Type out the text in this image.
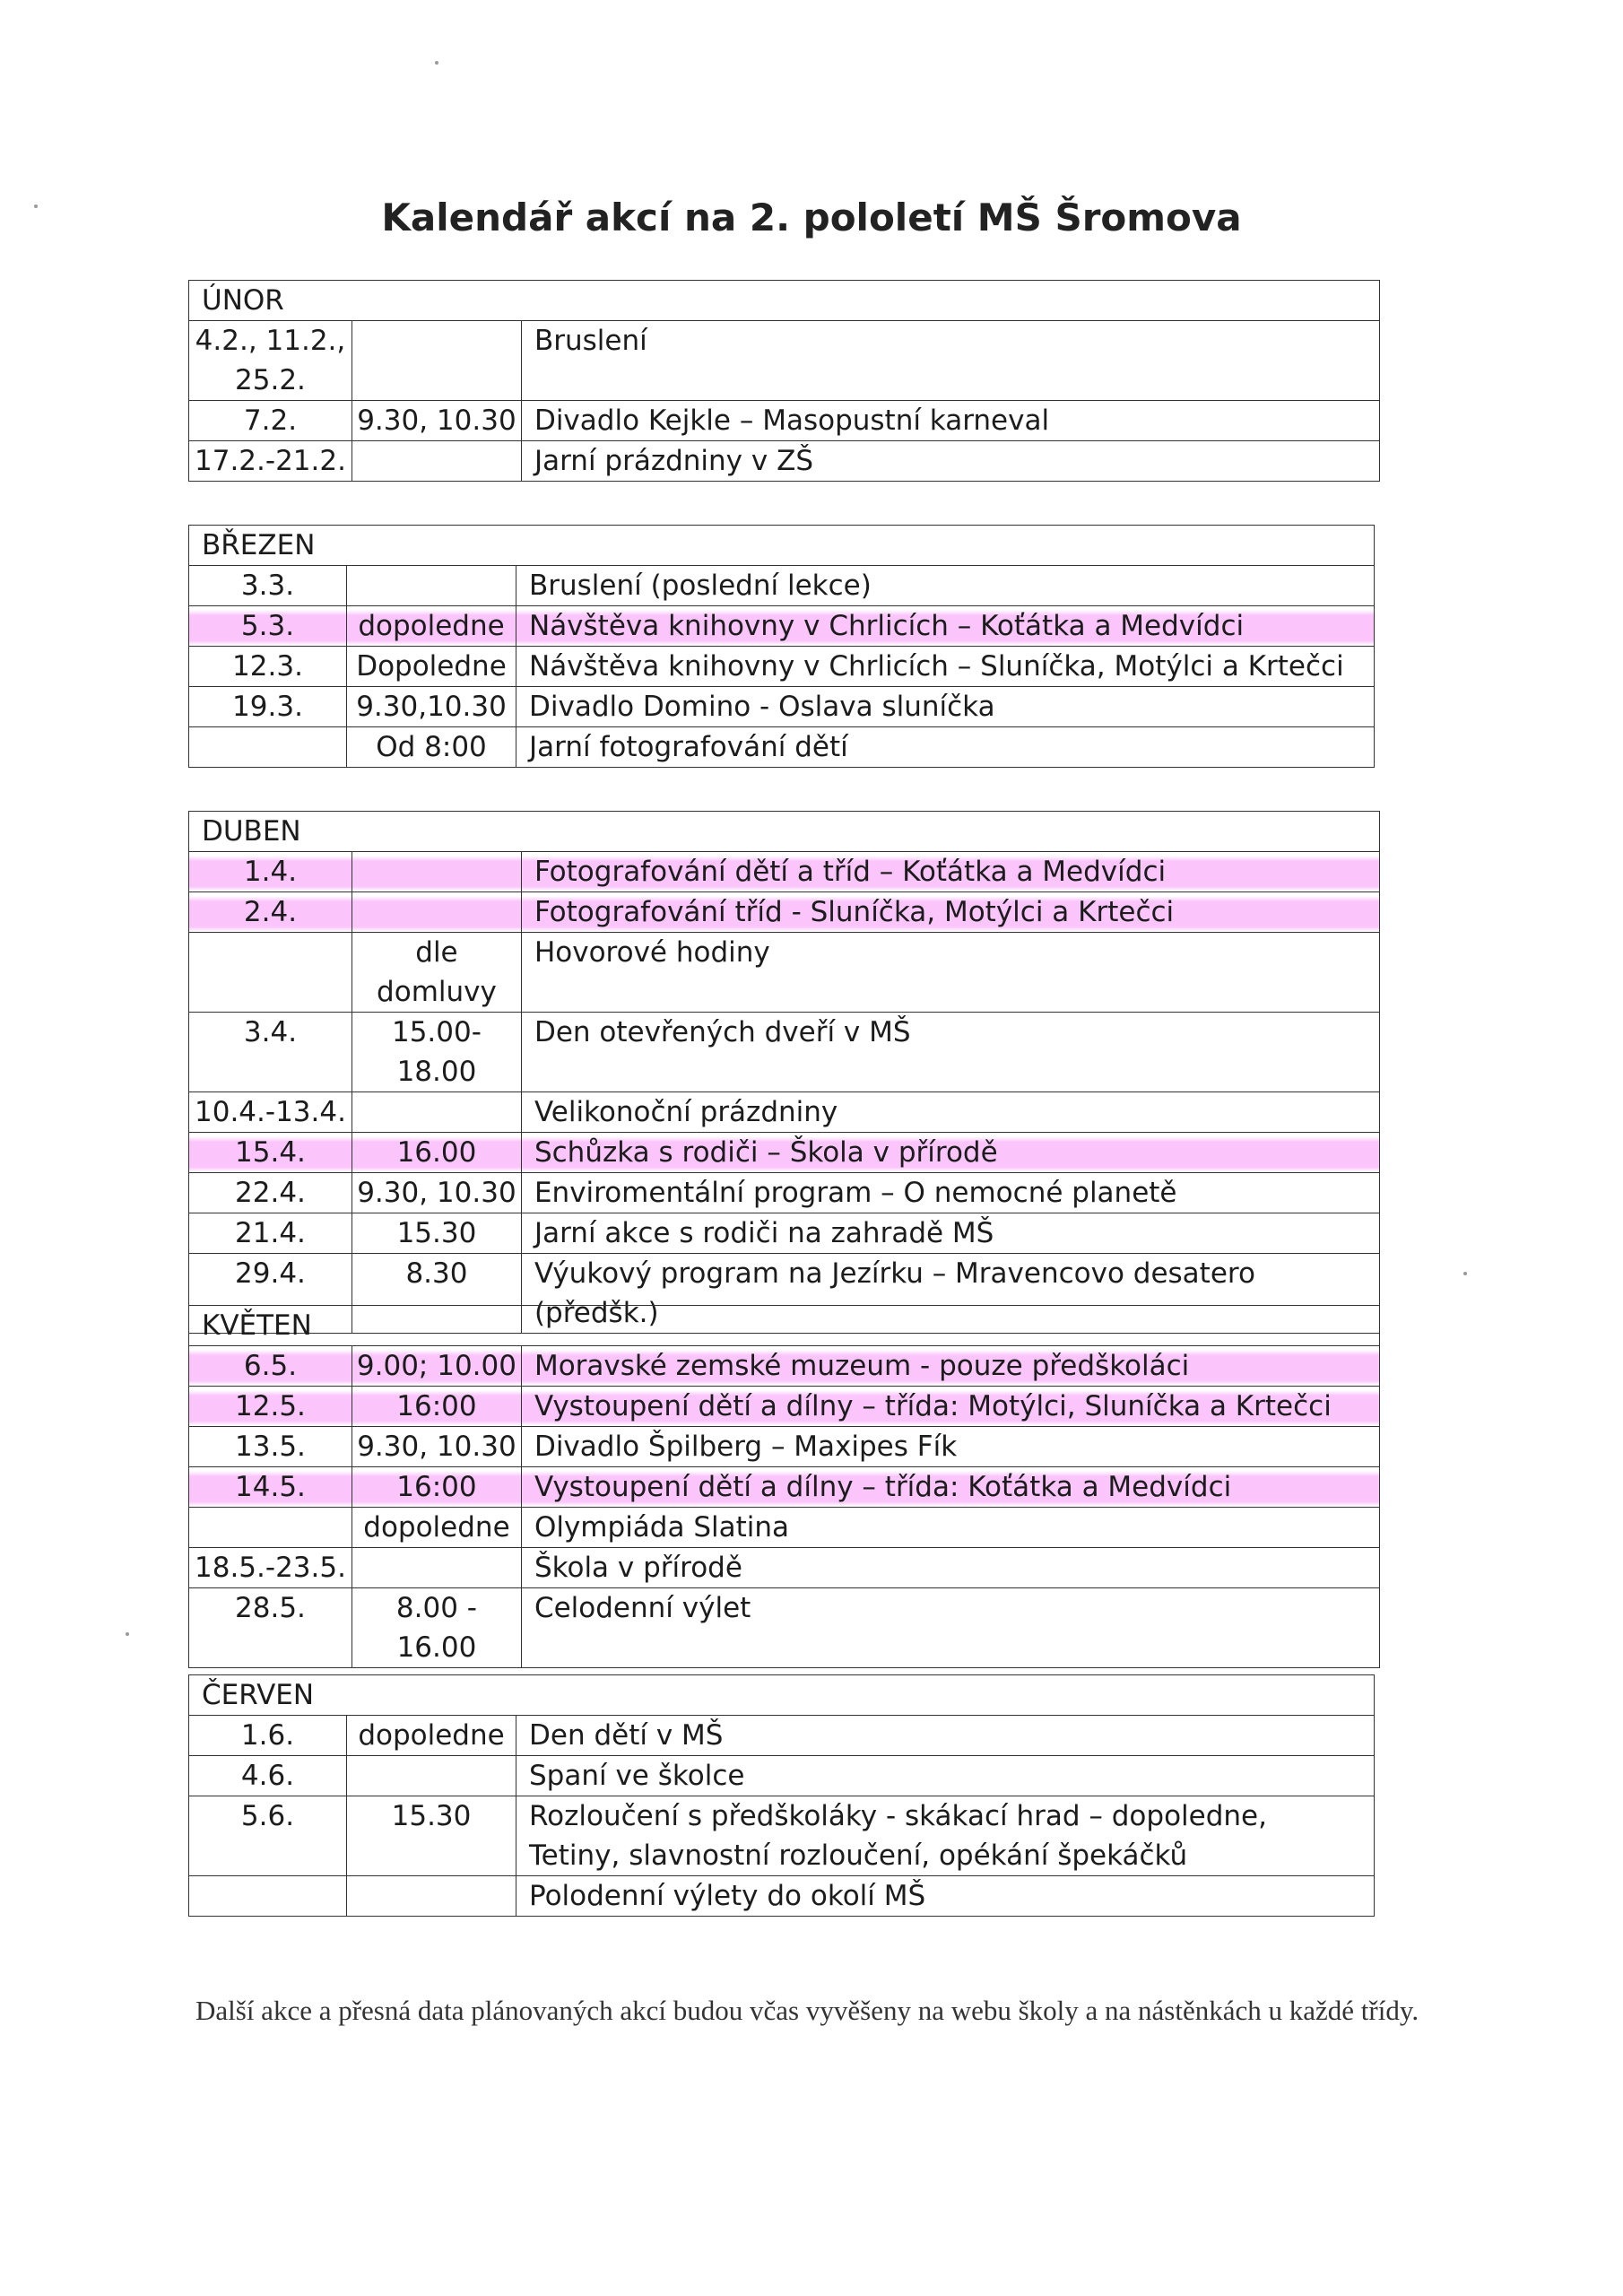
Kalendář akcí na 2. pololetí MŠ Šromova
ÚNOR		
4.2., 11.2., 25.2.		Bruslení
7.2.	9.30, 10.30	Divadlo Kejkle – Masopustní karneval
17.2.-21.2.		Jarní prázdniny v ZŠ
BŘEZEN		
3.3.		Bruslení (poslední lekce)
5.3.	dopoledne	Návštěva knihovny v Chrlicích – Koťátka a Medvídci
12.3.	Dopoledne	Návštěva knihovny v Chrlicích – Sluníčka, Motýlci a Krtečci
19.3.	9.30,10.30	Divadlo Domino - Oslava sluníčka
	Od 8:00	Jarní fotografování dětí
DUBEN		
1.4.		Fotografování dětí a tříd – Koťátka a Medvídci
2.4.		Fotografování tříd - Sluníčka, Motýlci a Krtečci
	dle domluvy	Hovorové hodiny
3.4.	15.00-18.00	Den otevřených dveří v MŠ
10.4.-13.4.		Velikonoční prázdniny
15.4.	16.00	Schůzka s rodiči – Škola v přírodě
22.4.	9.30, 10.30	Enviromentální program – O nemocné planetě
21.4.	15.30	Jarní akce s rodiči na zahradě MŠ
29.4.	8.30	Výukový program na Jezírku – Mravencovo desatero (předšk.)
KVĚTEN		
6.5.	9.00; 10.00	Moravské zemské muzeum - pouze předškoláci
12.5.	16:00	Vystoupení dětí a dílny – třída: Motýlci, Sluníčka a Krtečci
13.5.	9.30, 10.30	Divadlo Špilberg – Maxipes Fík
14.5.	16:00	Vystoupení dětí a dílny – třída: Koťátka a Medvídci
	dopoledne	Olympiáda Slatina
18.5.-23.5.		Škola v přírodě
28.5.	8.00 - 16.00	Celodenní výlet
ČERVEN		
1.6.	dopoledne	Den dětí v MŠ
4.6.		Spaní ve školce
5.6.	15.30	Rozloučení s předškoláky - skákací hrad – dopoledne, Tetiny, slavnostní rozloučení, opékání špekáčků
		Polodenní výlety do okolí MŠ
Další akce a přesná data plánovaných akcí budou včas vyvěšeny na webu školy a na nástěnkách u každé třídy.
